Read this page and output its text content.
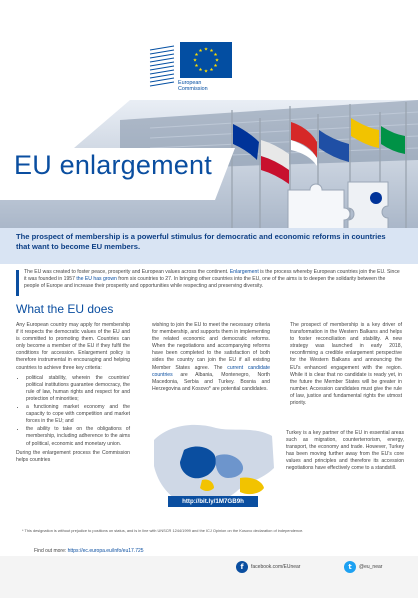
European
Commission
EU enlargement
The prospect of membership is a powerful stimulus for democratic and economic reforms in countries that want to become EU members.
The EU was created to foster peace, prosperity and European values across the continent. Enlargement is the process whereby European countries join the EU. Since it was founded in 1957 the EU has grown from six countries to 27. In bringing other countries into the EU, one of the aims is to deepen the solidarity between the people of Europe and increase their prosperity and opportunities while respecting and preserving diversity.
What the EU does

Any European country may apply for membership if it respects the democratic values of the EU and is committed to promoting them. Countries can only become a member of the EU if they fulfil the conditions for accession. Enlargement policy is therefore instrumental in encouraging and helping countries to achieve three key criteria:

• political stability, wherein the countries' political institutions guarantee democracy, the rule of law, human rights and respect for and protection of minorities;
• a functioning market economy and the capacity to cope with competition and market forces in the EU; and
• the ability to take on the obligations of membership, including adherence to the aims of political, economic and monetary union.

During the enlargement process the Commission helps countries

wishing to join the EU to meet the necessary criteria for membership, and supports them in implementing the related economic and democratic reforms. When the negotiations and accompanying reforms have been completed to the satisfaction of both sides the country can join the EU if all existing Member States agree. The current candidate countries are Albania, Montenegro, North Macedonia, Serbia and Turkey. Bosnia and Herzegovina and Kosovo* are potential candidates.

http://bit.ly/1M7GB9h

The prospect of membership is a key driver of transformation in the Western Balkans and helps to foster reconciliation and stability. A new strategy was launched in early 2018, reconfirming a credible enlargement perspective for the Western Balkans and announcing the EU's enhanced engagement with the region. While it is clear that no candidate is ready yet, in the future the Member States will be greater in number. Accession candidates must give the rule of law, justice and fundamental rights the utmost priority.

Turkey is a key partner of the EU in essential areas such as migration, counterterrorism, energy, transport, the economy and trade. However, Turkey has been moving further away from the EU's core values and principles and therefore its accession negotiations have effectively come to a standstill.

* This designation is without prejudice to positions on status, and is in line with UNSCR 1244/1999 and the ICJ Opinion on the Kosovo declaration of independence.
Find out more: https://ec.europa.eu/info/eu17.725
f	facebook.com/EUnear	t	@eu_near
